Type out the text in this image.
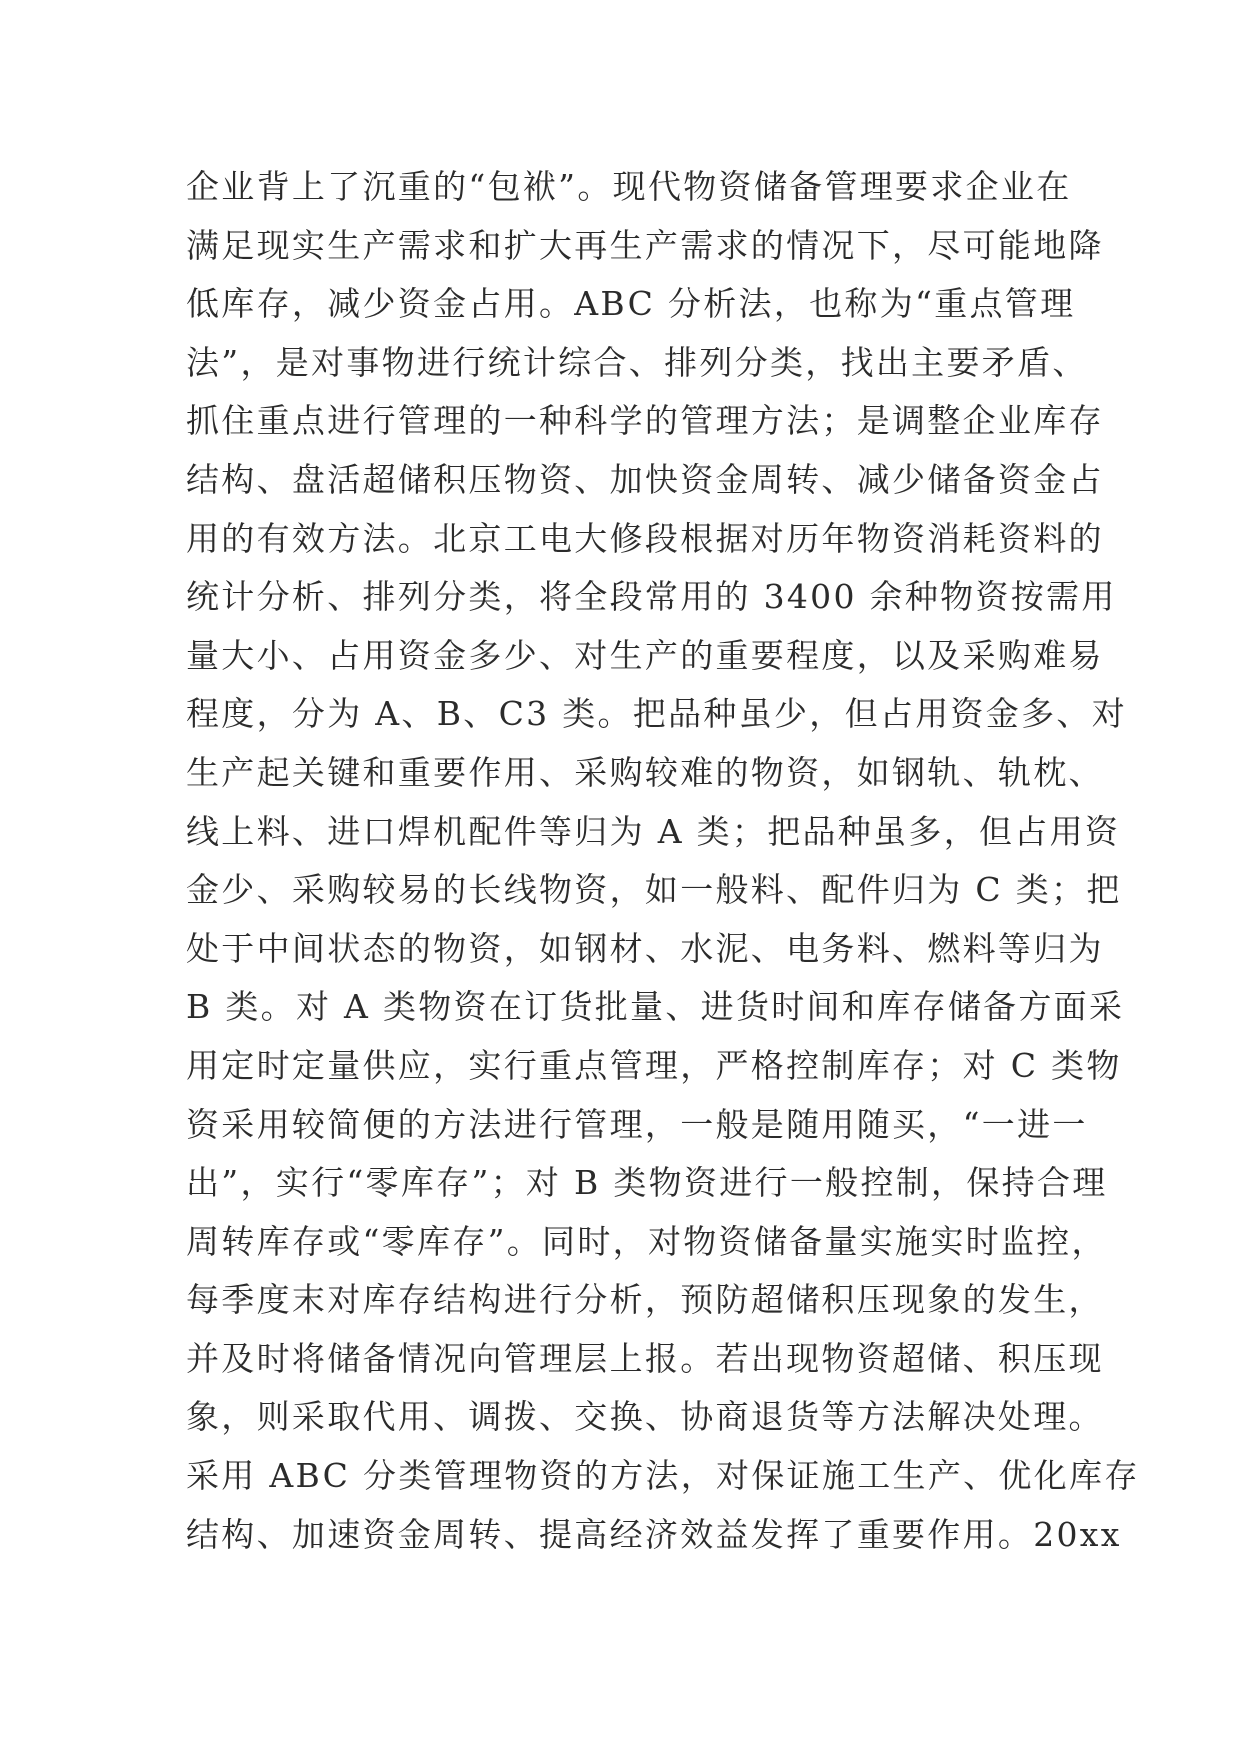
企业背上了沉重的“包袱”。现代物资储备管理要求企业在
满足现实生产需求和扩大再生产需求的情况下，尽可能地降
低库存，减少资金占用。ABC 分析法，也称为“重点管理
法”，是对事物进行统计综合、排列分类，找出主要矛盾、
抓住重点进行管理的一种科学的管理方法；是调整企业库存
结构、盘活超储积压物资、加快资金周转、减少储备资金占
用的有效方法。北京工电大修段根据对历年物资消耗资料的
统计分析、排列分类，将全段常用的 3400 余种物资按需用
量大小、占用资金多少、对生产的重要程度，以及采购难易
程度，分为 A、B、C3 类。把品种虽少，但占用资金多、对
生产起关键和重要作用、采购较难的物资，如钢轨、轨枕、
线上料、进口焊机配件等归为 A 类；把品种虽多，但占用资
金少、采购较易的长线物资，如一般料、配件归为 C 类；把
处于中间状态的物资，如钢材、水泥、电务料、燃料等归为
B 类。对 A 类物资在订货批量、进货时间和库存储备方面采
用定时定量供应，实行重点管理，严格控制库存；对 C 类物
资采用较简便的方法进行管理，一般是随用随买，“一进一
出”，实行“零库存”；对 B 类物资进行一般控制，保持合理
周转库存或“零库存”。同时，对物资储备量实施实时监控，
每季度末对库存结构进行分析，预防超储积压现象的发生，
并及时将储备情况向管理层上报。若出现物资超储、积压现
象，则采取代用、调拨、交换、协商退货等方法解决处理。
采用 ABC 分类管理物资的方法，对保证施工生产、优化库存
结构、加速资金周转、提高经济效益发挥了重要作用。20xx
